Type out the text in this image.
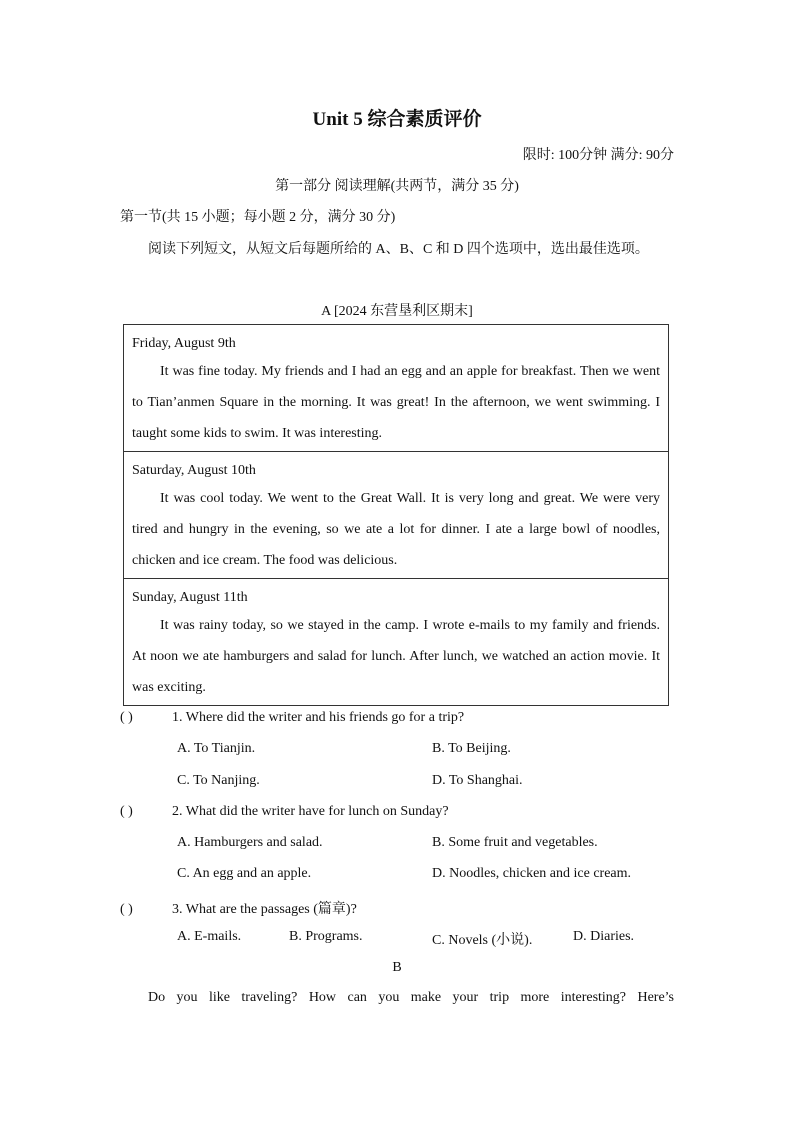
Unit 5 综合素质评价
限时: 100分钟 满分: 90分
第一部分 阅读理解(共两节，满分 35 分)
第一节(共 15 小题；每小题 2 分，满分 30 分)
阅读下列短文，从短文后每题所给的 A、B、C 和 D 四个选项中，选出最佳选项。
A [2024 东营垦利区期末]
Friday, August 9th
It was fine today. My friends and I had an egg and an apple for breakfast. Then we went to Tian’anmen Square in the morning. It was great! In the afternoon, we went swimming. I taught some kids to swim. It was interesting.
Saturday, August 10th
It was cool today. We went to the Great Wall. It is very long and great. We were very tired and hungry in the evening, so we ate a lot for dinner. I ate a large bowl of noodles, chicken and ice cream. The food was delicious.
Sunday, August 11th
It was rainy today, so we stayed in the camp. I wrote e-mails to my family and friends. At noon we ate hamburgers and salad for lunch. After lunch, we watched an action movie. It was exciting.
( )	1. Where did the writer and his friends go for a trip?
A. To Tianjin.	B. To Beijing.
C. To Nanjing.	D. To Shanghai.
( )	2. What did the writer have for lunch on Sunday?
A. Hamburgers and salad.	B. Some fruit and vegetables.
C. An egg and an apple.	D. Noodles, chicken and ice cream.
( )	3. What are the passages (篇章)?
A. E-mails.	B. Programs.	C. Novels (小说).	D. Diaries.
B
Do you like traveling? How can you make your trip more interesting? Here’s
